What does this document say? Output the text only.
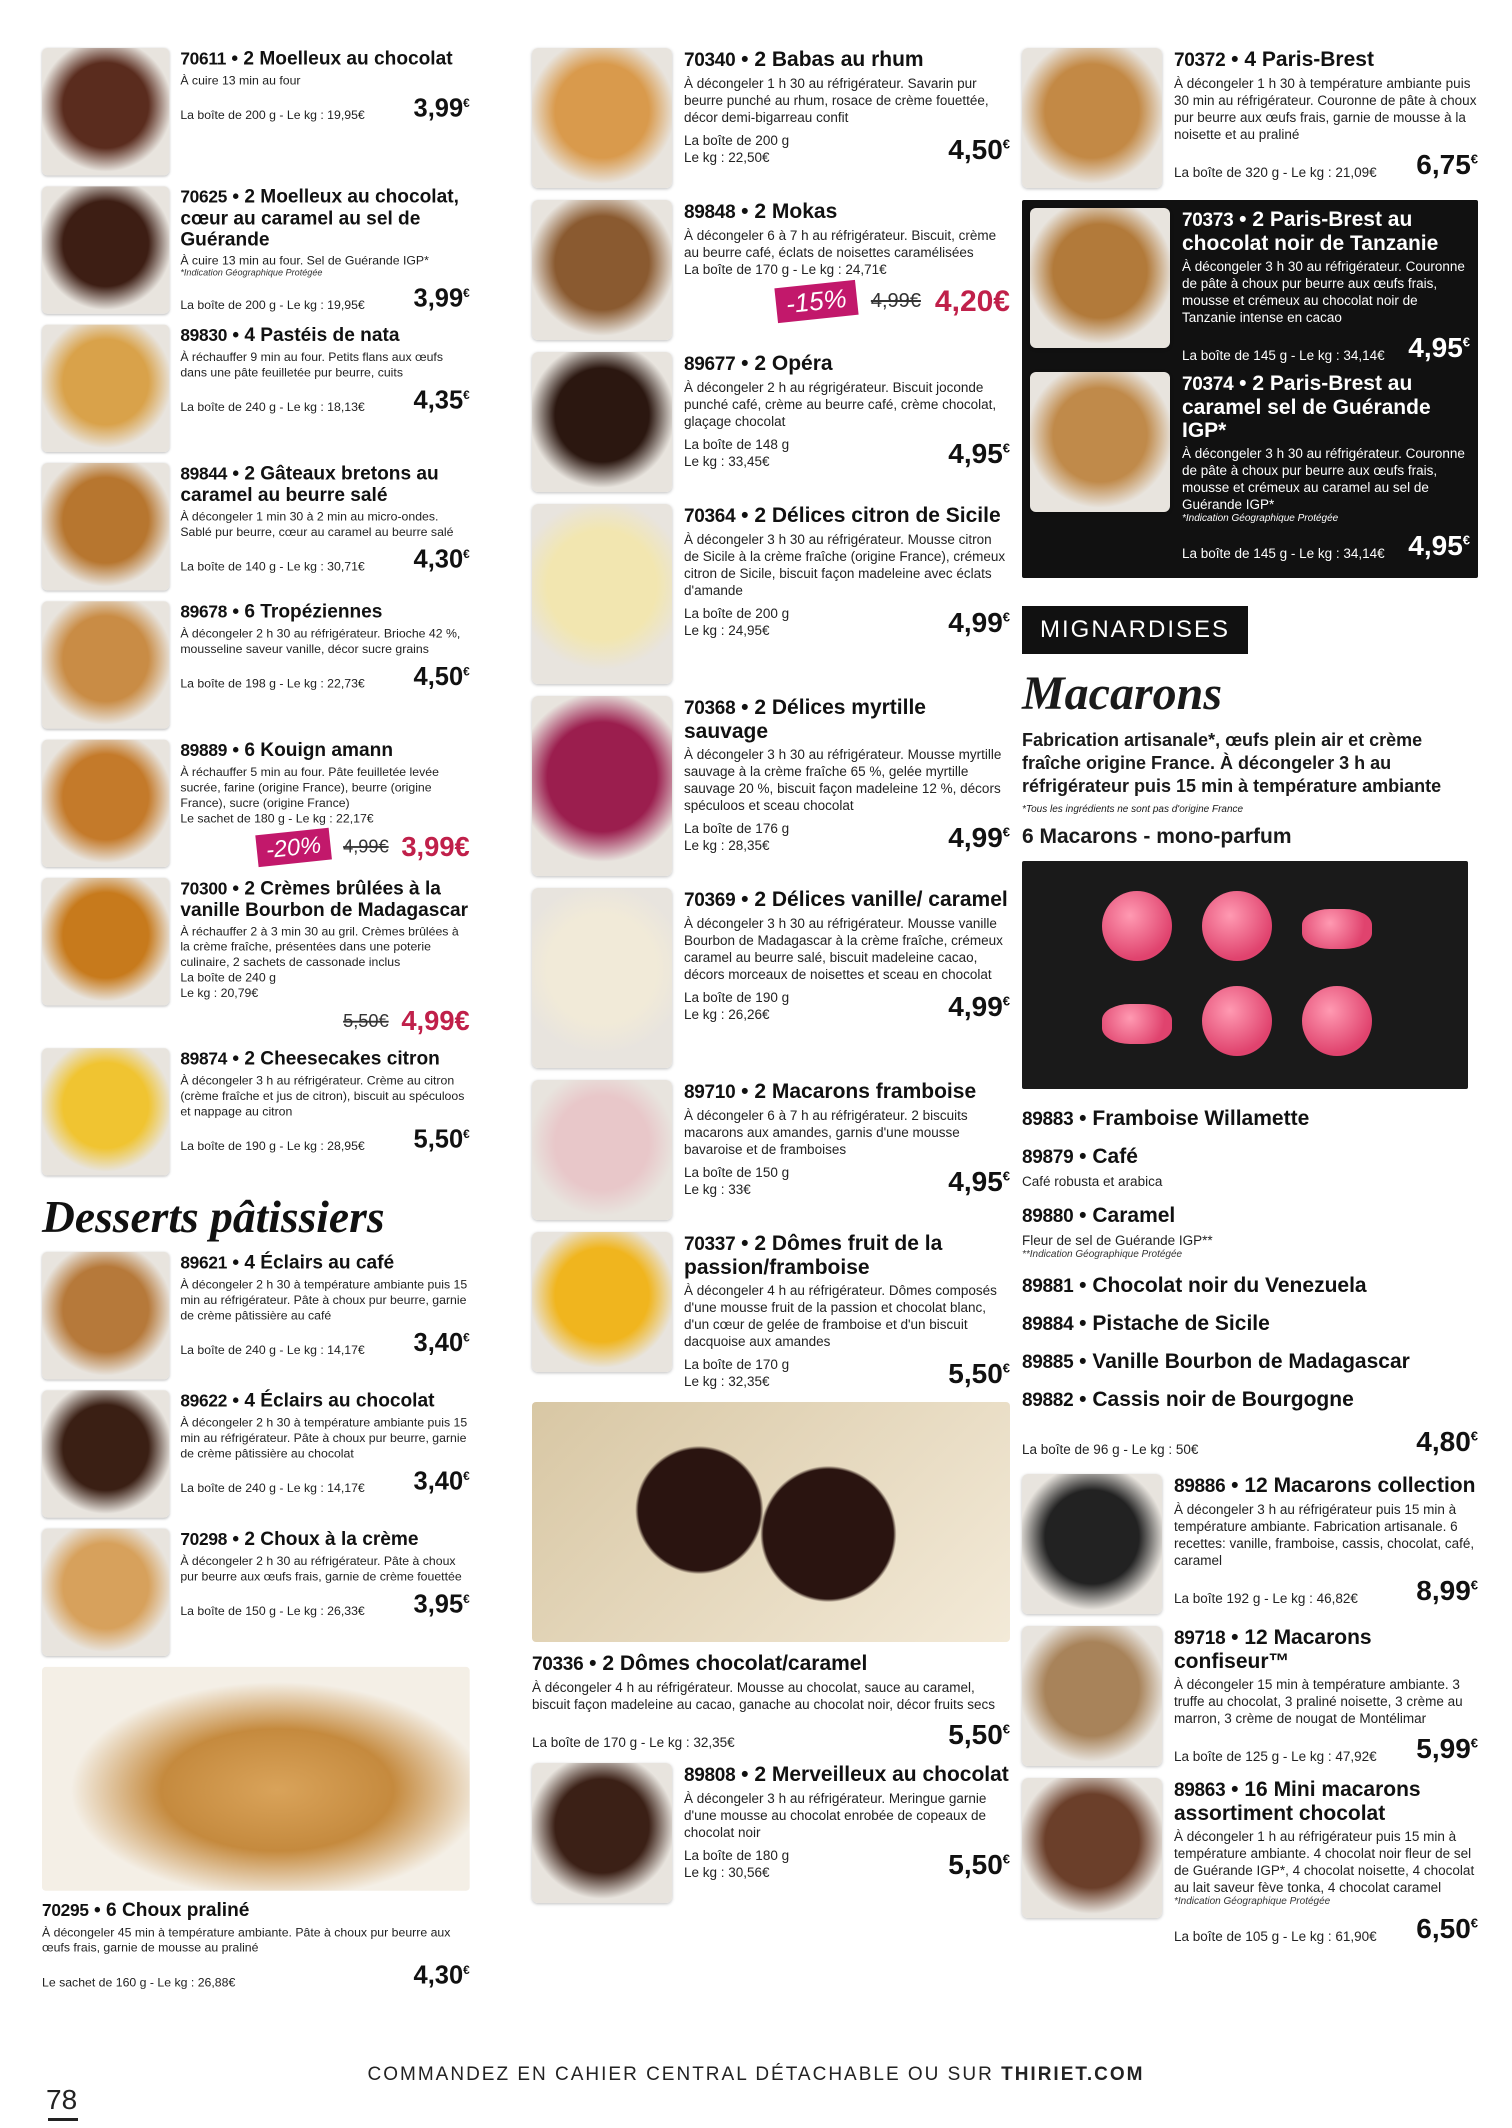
70611 • 2 Moelleux au chocolat
À cuire 13 min au four
La boîte de 200 g - Le kg : 19,95€ 3,99€
70625 • 2 Moelleux au chocolat, cœur au caramel au sel de Guérande
À cuire 13 min au four. Sel de Guérande IGP*
*Indication Géographique Protégée
La boîte de 200 g - Le kg : 19,95€ 3,99€
89830 • 4 Pastéis de nata
À réchauffer 9 min au four. Petits flans aux œufs dans une pâte feuilletée pur beurre, cuits
La boîte de 240 g - Le kg : 18,13€ 4,35€
89844 • 2 Gâteaux bretons au caramel au beurre salé
À décongeler 1 min 30 à 2 min au micro-ondes. Sablé pur beurre, cœur au caramel au beurre salé
La boîte de 140 g - Le kg : 30,71€ 4,30€
89678 • 6 Tropéziennes
À décongeler 2 h 30 au réfrigérateur. Brioche 42 %, mousseline saveur vanille, décor sucre grains
La boîte de 198 g - Le kg : 22,73€ 4,50€
89889 • 6 Kouign amann
À réchauffer 5 min au four. Pâte feuilletée levée sucrée, farine (origine France), beurre (origine France), sucre (origine France)
Le sachet de 180 g - Le kg : 22,17€
-20%	4,99€ 3,99€
70300 • 2 Crèmes brûlées à la vanille Bourbon de Madagascar
À réchauffer 2 à 3 min 30 au gril. Crèmes brûlées à la crème fraîche, présentées dans une poterie culinaire, 2 sachets de cassonade inclus
La boîte de 240 g
Le kg : 20,79€
5,50€ 4,99€
89874 • 2 Cheesecakes citron
À décongeler 3 h au réfrigérateur. Crème au citron (crème fraîche et jus de citron), biscuit au spéculoos et nappage au citron
La boîte de 190 g - Le kg : 28,95€ 5,50€
Desserts pâtissiers
89621 • 4 Éclairs au café
À décongeler 2 h 30 à température ambiante puis 15 min au réfrigérateur. Pâte à choux pur beurre, garnie de crème pâtissière au café
La boîte de 240 g - Le kg : 14,17€ 3,40€
89622 • 4 Éclairs au chocolat
À décongeler 2 h 30 à température ambiante puis 15 min au réfrigérateur. Pâte à choux pur beurre, garnie de crème pâtissière au chocolat
La boîte de 240 g - Le kg : 14,17€ 3,40€
70298 • 2 Choux à la crème
À décongeler 2 h 30 au réfrigérateur. Pâte à choux pur beurre aux œufs frais, garnie de crème fouettée
La boîte de 150 g - Le kg : 26,33€ 3,95€
70295 • 6 Choux praliné
À décongeler 45 min à température ambiante. Pâte à choux pur beurre aux œufs frais, garnie de mousse au praliné
Le sachet de 160 g - Le kg : 26,88€	4,30€
70340 • 2 Babas au rhum
À décongeler 1 h 30 au réfrigérateur. Savarin pur beurre punché au rhum, rosace de crème fouettée, décor demi-bigarreau confit
La boîte de 200 g
Le kg : 22,50€	4,50€
89848 • 2 Mokas
À décongeler 6 à 7 h au réfrigérateur. Biscuit, crème au beurre café, éclats de noisettes caramélisées
La boîte de 170 g - Le kg : 24,71€
-15%	4,99€ 4,20€
89677 • 2 Opéra
À décongeler 2 h au régrigérateur. Biscuit joconde punché café, crème au beurre café, crème chocolat, glaçage chocolat
La boîte de 148 g
Le kg : 33,45€	4,95€
70364 • 2 Délices citron de Sicile
À décongeler 3 h 30 au réfrigérateur. Mousse citron de Sicile à la crème fraîche (origine France), crémeux citron de Sicile, biscuit façon madeleine avec éclats d'amande
La boîte de 200 g
Le kg : 24,95€	4,99€
70368 • 2 Délices myrtille sauvage
À décongeler 3 h 30 au réfrigérateur. Mousse myrtille sauvage à la crème fraîche 65 %, gelée myrtille sauvage 20 %, biscuit façon madeleine 12 %, décors spéculoos et sceau chocolat
La boîte de 176 g
Le kg : 28,35€	4,99€
70369 • 2 Délices vanille/ caramel
À décongeler 3 h 30 au réfrigérateur. Mousse vanille Bourbon de Madagascar à la crème fraîche, crémeux caramel au beurre salé, biscuit madeleine cacao, décors morceaux de noisettes et sceau en chocolat
La boîte de 190 g
Le kg : 26,26€	4,99€
89710 • 2 Macarons framboise
À décongeler 6 à 7 h au réfrigérateur. 2 biscuits macarons aux amandes, garnis d'une mousse bavaroise et de framboises
La boîte de 150 g
Le kg : 33€	4,95€
70337 • 2 Dômes fruit de la passion/framboise
À décongeler 4 h au réfrigérateur. Dômes composés d'une mousse fruit de la passion et chocolat blanc, d'un cœur de gelée de framboise et d'un biscuit dacquoise aux amandes
La boîte de 170 g
Le kg : 32,35€	5,50€
70336 • 2 Dômes chocolat/caramel
À décongeler 4 h au réfrigérateur. Mousse au chocolat, sauce au caramel, biscuit façon madeleine au cacao, ganache au chocolat noir, décor fruits secs
La boîte de 170 g - Le kg : 32,35€	5,50€
89808 • 2 Merveilleux au chocolat
À décongeler 3 h au réfrigérateur. Meringue garnie d'une mousse au chocolat enrobée de copeaux de chocolat noir
La boîte de 180 g
Le kg : 30,56€	5,50€
70372 • 4 Paris-Brest
À décongeler 1 h 30 à température ambiante puis 30 min au réfrigérateur. Couronne de pâte à choux pur beurre aux œufs frais, garnie de mousse à la noisette et au praliné
La boîte de 320 g - Le kg : 21,09€ 6,75€
70373 • 2 Paris-Brest au chocolat noir de Tanzanie
À décongeler 3 h 30 au réfrigérateur. Couronne de pâte à choux pur beurre aux œufs frais, mousse et crémeux au chocolat noir de Tanzanie intense en cacao
La boîte de 145 g - Le kg : 34,14€ 4,95€
70374 • 2 Paris-Brest au caramel sel de Guérande IGP*
À décongeler 3 h 30 au réfrigérateur. Couronne de pâte à choux pur beurre aux œufs frais, mousse et crémeux au caramel au sel de Guérande IGP*
*Indication Géographique Protégée
La boîte de 145 g - Le kg : 34,14€ 4,95€
MIGNARDISES
Macarons
Fabrication artisanale*, œufs plein air et crème fraîche origine France. À décongeler 3 h au réfrigérateur puis 15 min à température ambiante
*Tous les ingrédients ne sont pas d'origine France
6 Macarons - mono-parfum
89883 • Framboise Willamette
89879 • Café
Café robusta et arabica
89880 • Caramel
Fleur de sel de Guérande IGP**
**Indication Géographique Protégée
89881 • Chocolat noir du Venezuela
89884 • Pistache de Sicile
89885 • Vanille Bourbon de Madagascar
89882 • Cassis noir de Bourgogne
La boîte de 96 g - Le kg : 50€	4,80€
89886 • 12 Macarons collection
À décongeler 3 h au réfrigérateur puis 15 min à température ambiante. Fabrication artisanale. 6 recettes: vanille, framboise, cassis, chocolat, café, caramel
La boîte 192 g - Le kg : 46,82€ 8,99€
89718 • 12 Macarons confiseur™
À décongeler 15 min à température ambiante. 3 truffe au chocolat, 3 praliné noisette, 3 crème au marron, 3 crème de nougat de Montélimar
La boîte de 125 g - Le kg : 47,92€ 5,99€
89863 • 16 Mini macarons assortiment chocolat
À décongeler 1 h au réfrigérateur puis 15 min à température ambiante. 4 chocolat noir fleur de sel de Guérande IGP*, 4 chocolat noisette, 4 chocolat au lait saveur fève tonka, 4 chocolat caramel
*Indication Géographique Protégée
La boîte de 105 g - Le kg : 61,90€ 6,50€
COMMANDEZ EN CAHIER CENTRAL DÉTACHABLE OU SUR THIRIET.COM
78
